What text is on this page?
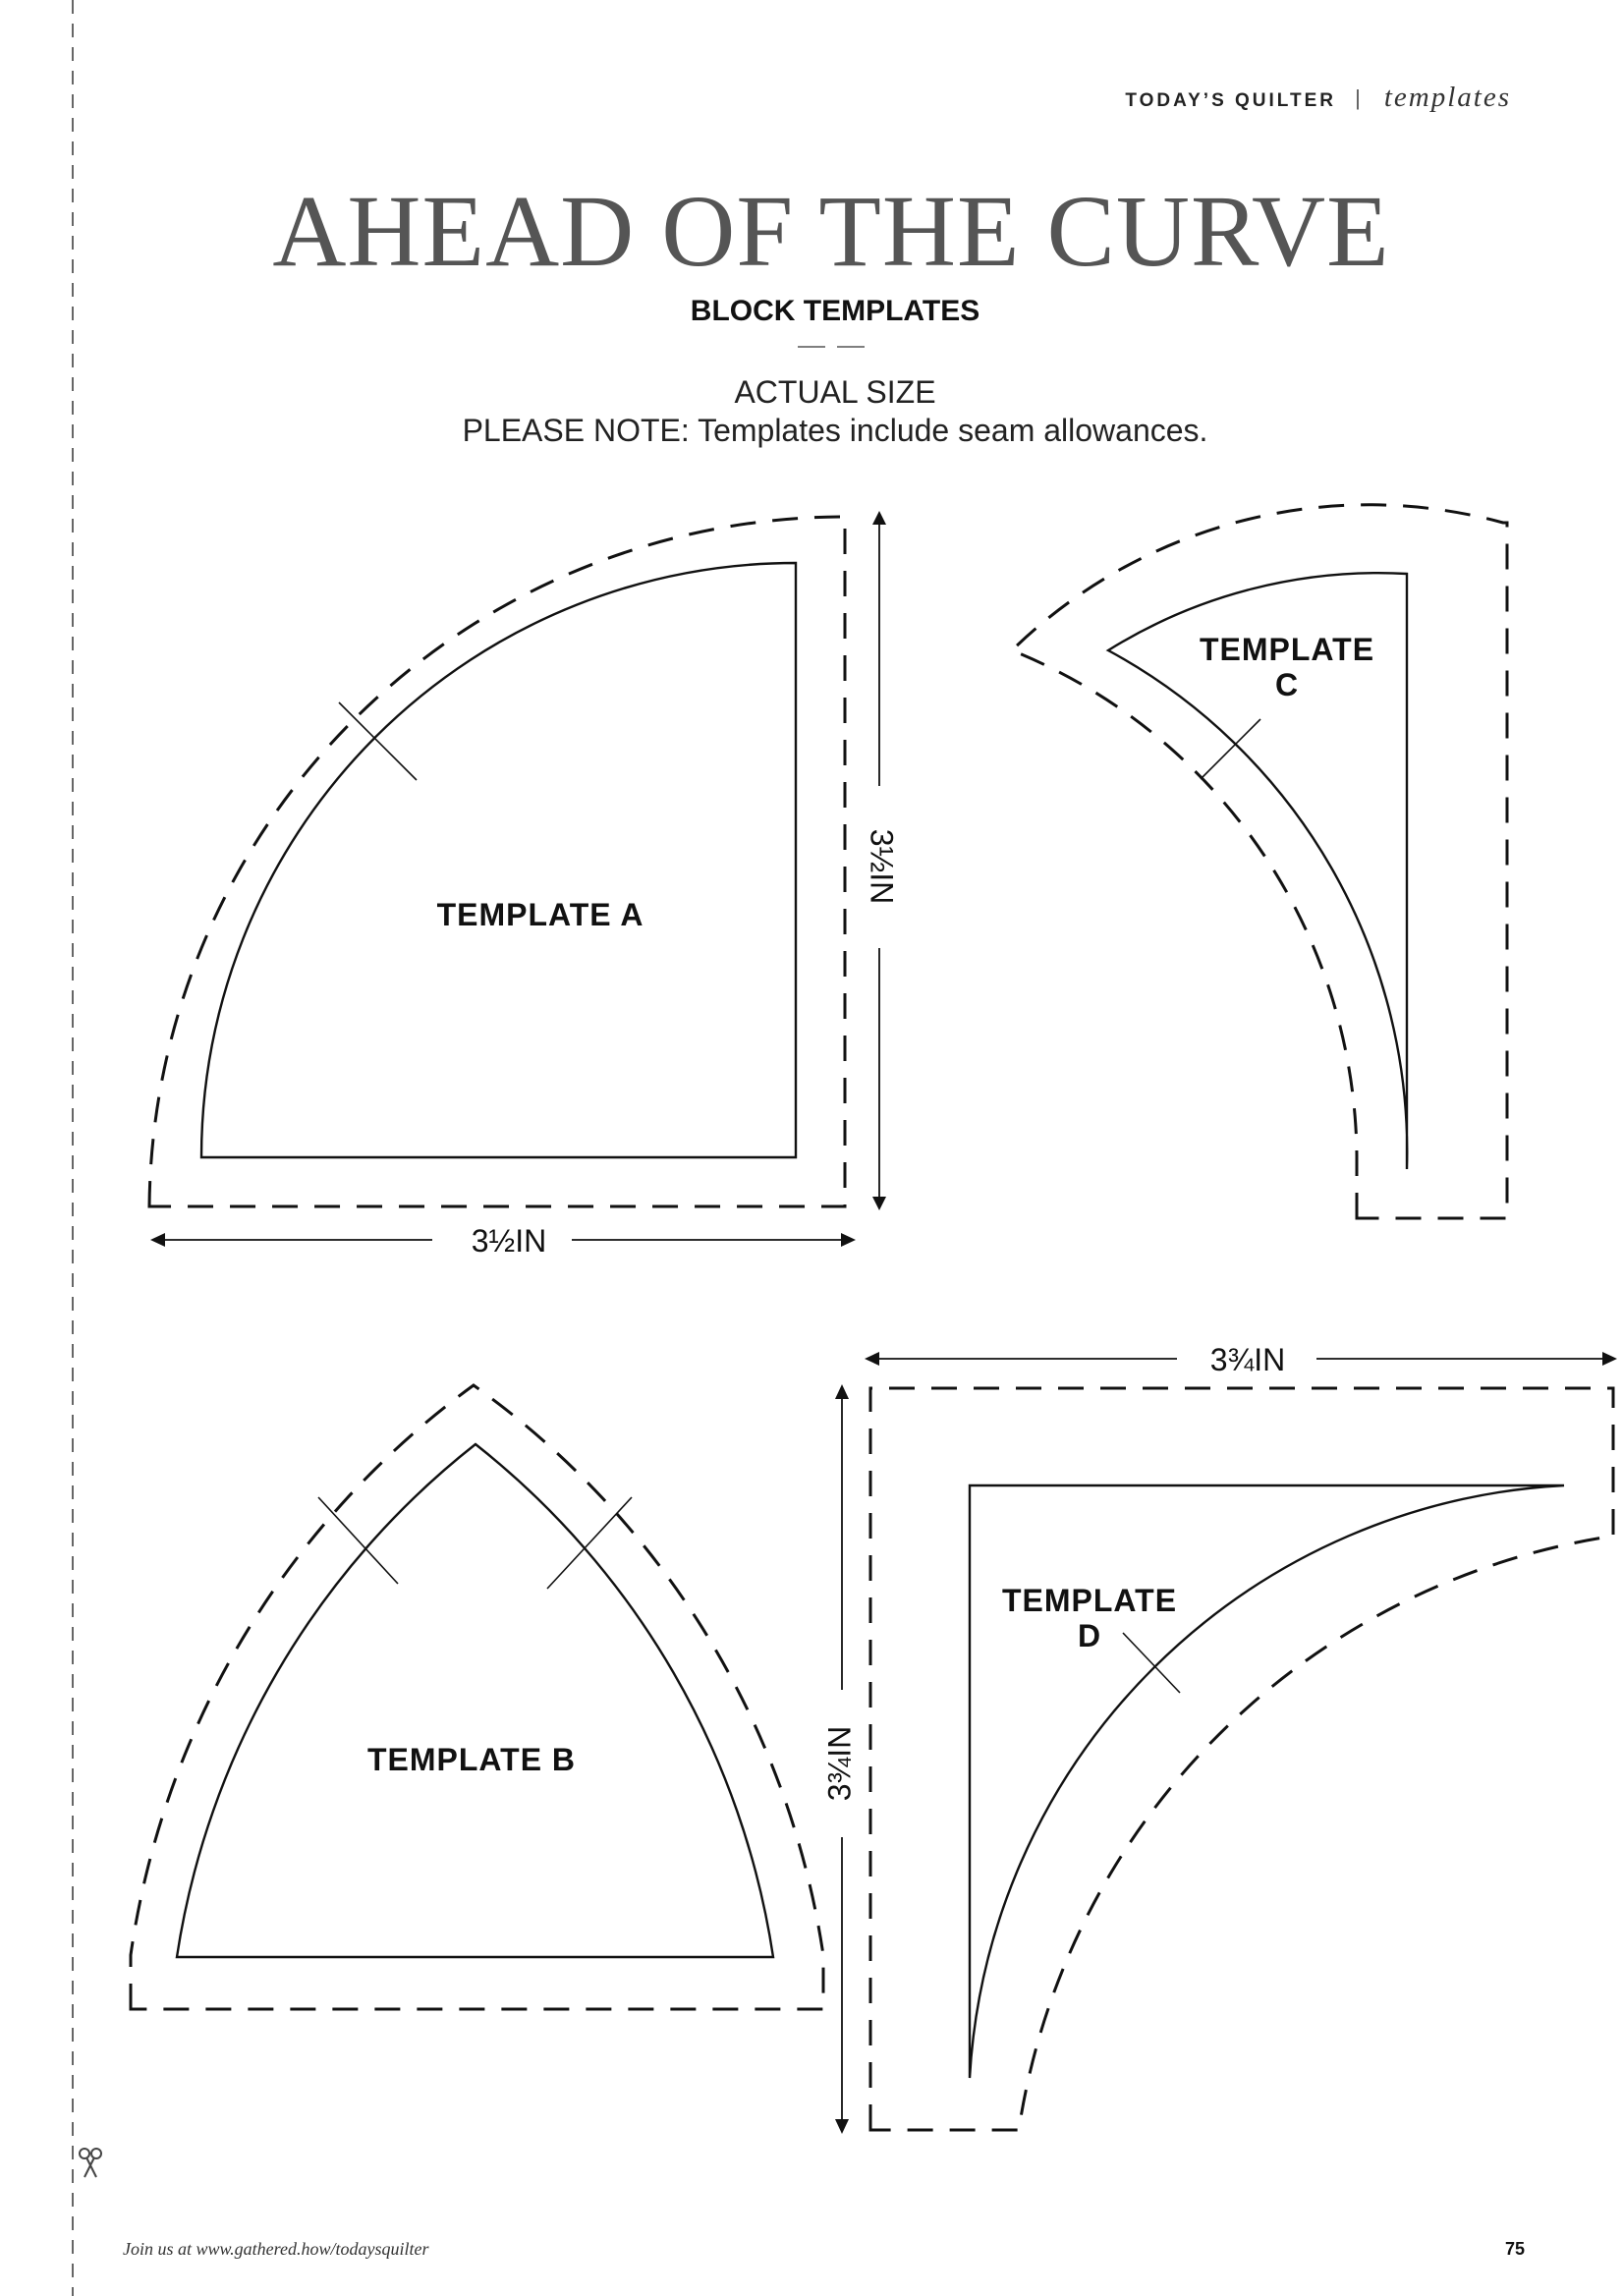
TODAY’S QUILTER | templates
AHEAD OF THE CURVE
BLOCK TEMPLATES
ACTUAL SIZE
PLEASE NOTE: Templates include seam allowances.
TEMPLATE A
3½IN
3½IN
TEMPLATE
C
TEMPLATE B
TEMPLATE
D
3¾IN
3¾IN
Join us at www.gathered.how/todaysquilter	75
